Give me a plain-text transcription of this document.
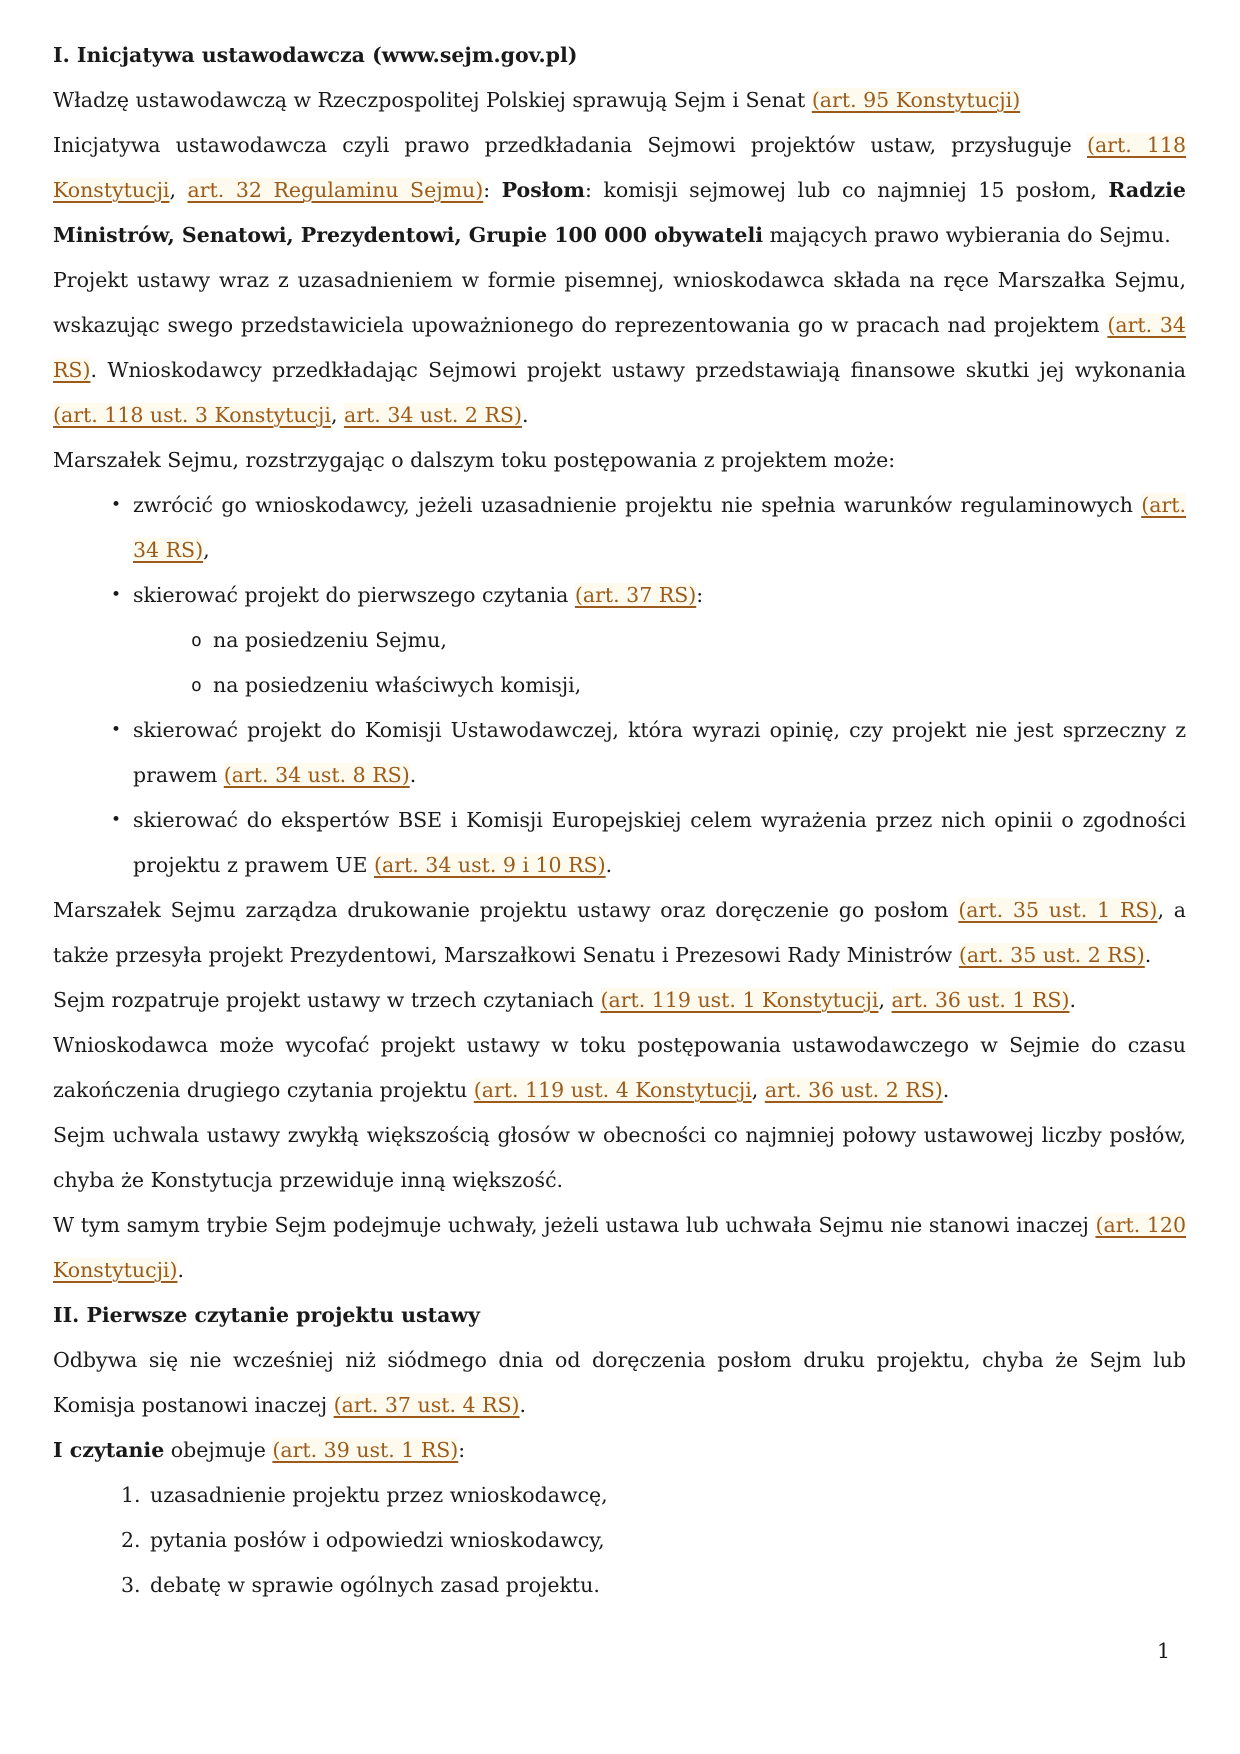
I. Inicjatywa ustawodawcza (www.sejm.gov.pl)

Władzę ustawodawczą w Rzeczpospolitej Polskiej sprawują Sejm i Senat (art. 95 Konstytucji)

Inicjatywa ustawodawcza czyli prawo przedkładania Sejmowi projektów ustaw, przysługuje (art. 118 Konstytucji, art. 32 Regulaminu Sejmu): Posłom: komisji sejmowej lub co najmniej 15 posłom, Radzie Ministrów, Senatowi, Prezydentowi, Grupie 100 000 obywateli mających prawo wybierania do Sejmu.

Projekt ustawy wraz z uzasadnieniem w formie pisemnej, wnioskodawca składa na ręce Marszałka Sejmu, wskazując swego przedstawiciela upoważnionego do reprezentowania go w pracach nad projektem (art. 34 RS). Wnioskodawcy przedkładając Sejmowi projekt ustawy przedstawiają finansowe skutki jej wykonania (art. 118 ust. 3 Konstytucji, art. 34 ust. 2 RS).

Marszałek Sejmu, rozstrzygając o dalszym toku postępowania z projektem może:

• zwrócić go wnioskodawcy, jeżeli uzasadnienie projektu nie spełnia warunków regulaminowych (art. 34 RS),
• skierować projekt do pierwszego czytania (art. 37 RS):
o na posiedzeniu Sejmu,
o na posiedzeniu właściwych komisji,
• skierować projekt do Komisji Ustawodawczej, która wyrazi opinię, czy projekt nie jest sprzeczny z prawem (art. 34 ust. 8 RS).
• skierować do ekspertów BSE i Komisji Europejskiej celem wyrażenia przez nich opinii o zgodności projektu z prawem UE (art. 34 ust. 9 i 10 RS).

Marszałek Sejmu zarządza drukowanie projektu ustawy oraz doręczenie go posłom (art. 35 ust. 1 RS), a także przesyła projekt Prezydentowi, Marszałkowi Senatu i Prezesowi Rady Ministrów (art. 35 ust. 2 RS).

Sejm rozpatruje projekt ustawy w trzech czytaniach (art. 119 ust. 1 Konstytucji, art. 36 ust. 1 RS).

Wnioskodawca może wycofać projekt ustawy w toku postępowania ustawodawczego w Sejmie do czasu zakończenia drugiego czytania projektu (art. 119 ust. 4 Konstytucji, art. 36 ust. 2 RS).

Sejm uchwala ustawy zwykłą większością głosów w obecności co najmniej połowy ustawowej liczby posłów, chyba że Konstytucja przewiduje inną większość.

W tym samym trybie Sejm podejmuje uchwały, jeżeli ustawa lub uchwała Sejmu nie stanowi inaczej (art. 120 Konstytucji).

II. Pierwsze czytanie projektu ustawy

Odbywa się nie wcześniej niż siódmego dnia od doręczenia posłom druku projektu, chyba że Sejm lub Komisja postanowi inaczej (art. 37 ust. 4 RS).

I czytanie obejmuje (art. 39 ust. 1 RS):

1. uzasadnienie projektu przez wnioskodawcę,
2. pytania posłów i odpowiedzi wnioskodawcy,
3. debatę w sprawie ogólnych zasad projektu.
1
